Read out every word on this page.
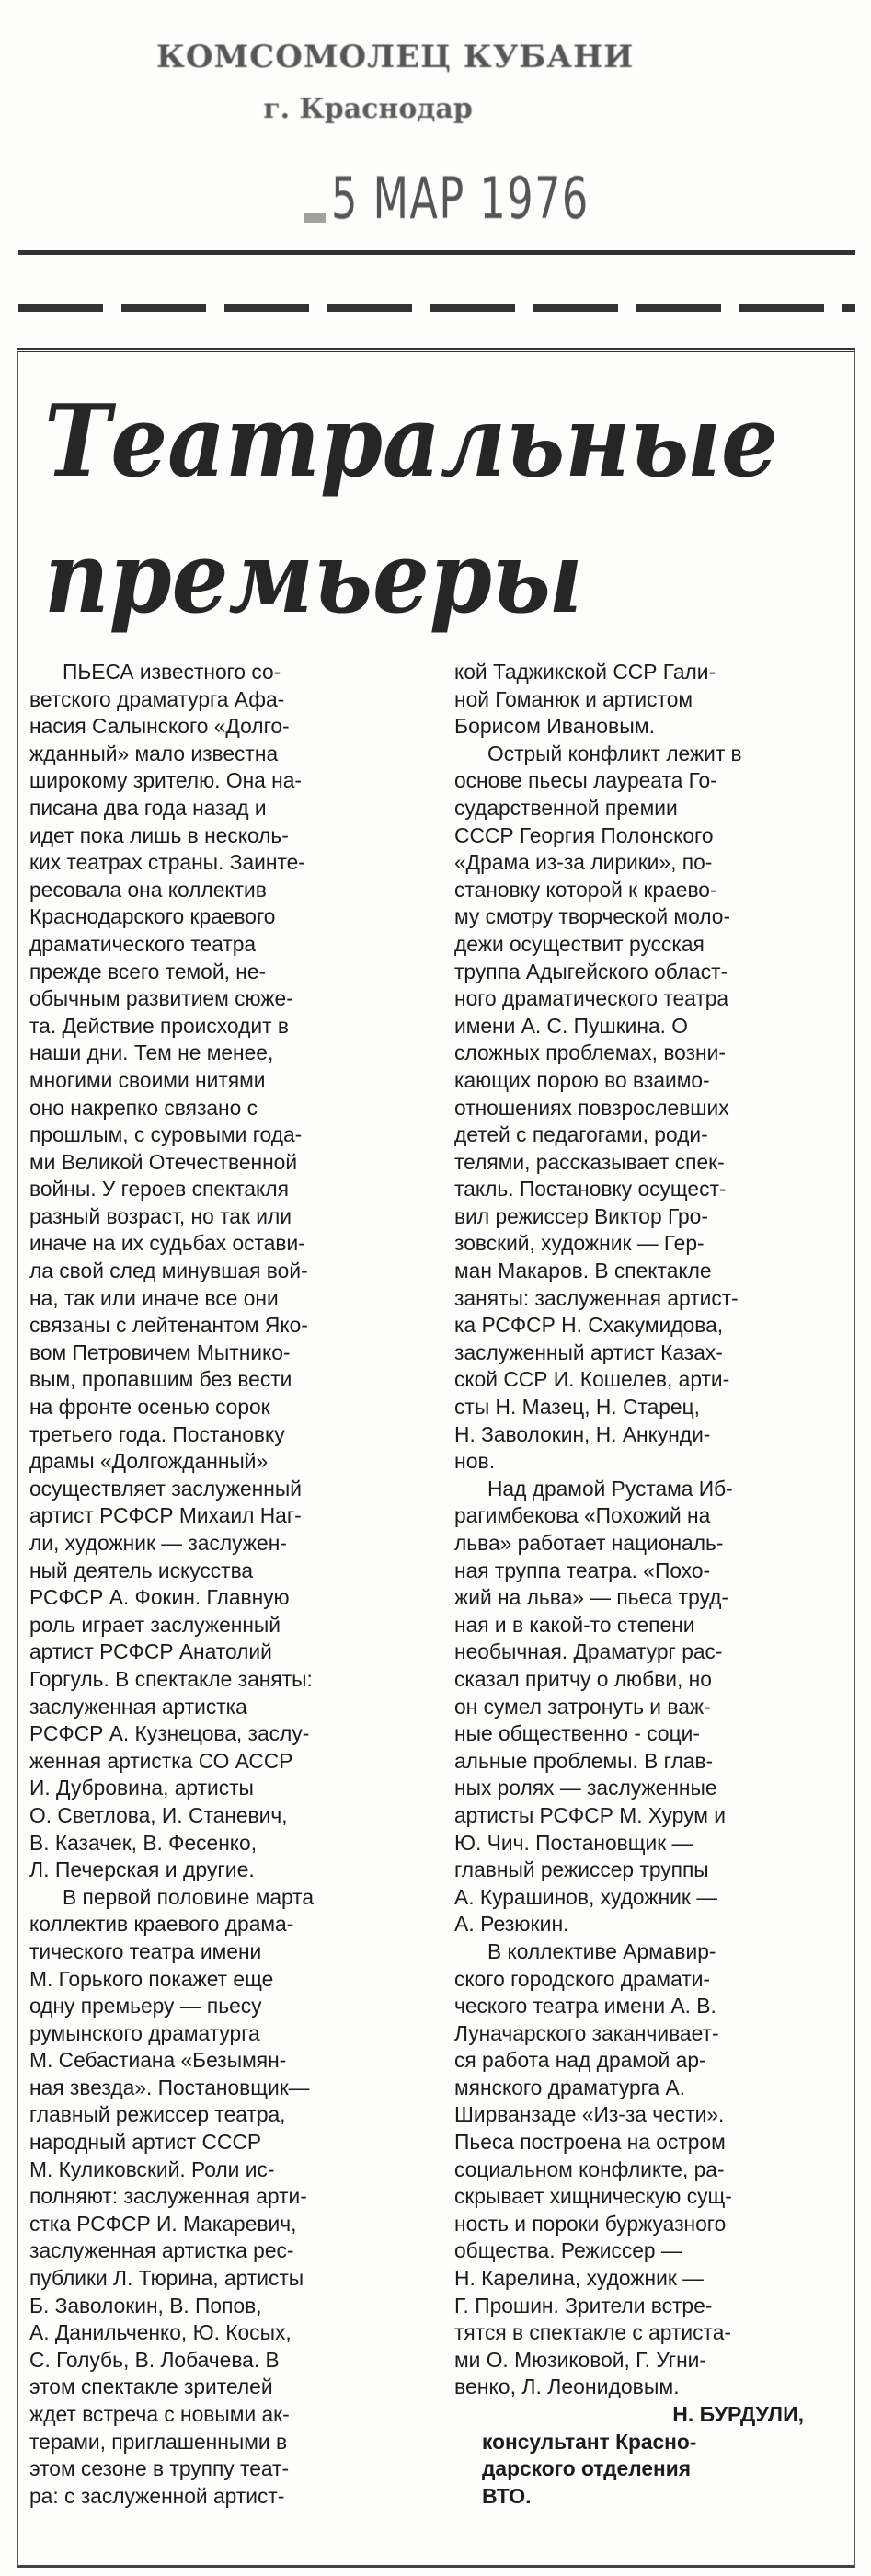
КОМСОМОЛЕЦ КУБАНИ
г. Краснодар
5 МАР 1976
Театральные
премьеры
ПЬЕСА известного со-
ветского драматурга Афа-
насия Салынского «Долго-
жданный» мало известна
широкому зрителю. Она на-
писана два года назад и
идет пока лишь в несколь-
ких театрах страны. Заинте-
ресовала она коллектив
Краснодарского краевого
драматического театра
прежде всего темой, не-
обычным развитием сюже-
та. Действие происходит в
наши дни. Тем не менее,
многими своими нитями
оно накрепко связано с
прошлым, с суровыми года-
ми Великой Отечественной
войны. У героев спектакля
разный возраст, но так или
иначе на их судьбах остави-
ла свой след минувшая вой-
на, так или иначе все они
связаны с лейтенантом Яко-
вом Петровичем Мытнико-
вым, пропавшим без вести
на фронте осенью сорок
третьего года. Постановку
драмы «Долгожданный»
осуществляет заслуженный
артист РСФСР Михаил Наг-
ли, художник — заслужен-
ный деятель искусства
РСФСР А. Фокин. Главную
роль играет заслуженный
артист РСФСР Анатолий
Горгуль. В спектакле заняты:
заслуженная артистка
РСФСР А. Кузнецова, заслу-
женная артистка СО АССР
И. Дубровина, артисты
О. Светлова, И. Станевич,
В. Казачек, В. Фесенко,
Л. Печерская и другие.
В первой половине марта
коллектив краевого драма-
тического театра имени
М. Горького покажет еще
одну премьеру — пьесу
румынского драматурга
М. Себастиана «Безымян-
ная звезда». Постановщик—
главный режиссер театра,
народный артист СССР
М. Куликовский. Роли ис-
полняют: заслуженная арти-
стка РСФСР И. Макаревич,
заслуженная артистка рес-
публики Л. Тюрина, артисты
Б. Заволокин, В. Попов,
А. Данильченко, Ю. Косых,
С. Голубь, В. Лобачева. В
этом спектакле зрителей
ждет встреча с новыми ак-
терами, приглашенными в
этом сезоне в труппу теат-
ра: с заслуженной артист-
кой Таджикской ССР Гали-
ной Гоманюк и артистом
Борисом Ивановым.
Острый конфликт лежит в
основе пьесы лауреата Го-
сударственной премии
СССР Георгия Полонского
«Драма из-за лирики», по-
становку которой к краево-
му смотру творческой моло-
дежи осуществит русская
труппа Адыгейского област-
ного драматического театра
имени А. С. Пушкина. О
сложных проблемах, возни-
кающих порою во взаимо-
отношениях повзрослевших
детей с педагогами, роди-
телями, рассказывает спек-
такль. Постановку осущест-
вил режиссер Виктор Гро-
зовский, художник — Гер-
ман Макаров. В спектакле
заняты: заслуженная артист-
ка РСФСР Н. Схакумидова,
заслуженный артист Казах-
ской ССР И. Кошелев, арти-
сты Н. Мазец, Н. Старец,
Н. Заволокин, Н. Анкунди-
нов.
Над драмой Рустама Иб-
рагимбекова «Похожий на
льва» работает националь-
ная труппа театра. «Похо-
жий на льва» — пьеса труд-
ная и в какой-то степени
необычная. Драматург рас-
сказал притчу о любви, но
он сумел затронуть и важ-
ные общественно - соци-
альные проблемы. В глав-
ных ролях — заслуженные
артисты РСФСР М. Хурум и
Ю. Чич. Постановщик —
главный режиссер труппы
А. Курашинов, художник —
А. Резюкин.
В коллективе Армавир-
ского городского драмати-
ческого театра имени А. В.
Луначарского заканчивает-
ся работа над драмой ар-
мянского драматурга А.
Ширванзаде «Из-за чести».
Пьеса построена на остром
социальном конфликте, ра-
скрывает хищническую сущ-
ность и пороки буржуазного
общества. Режиссер —
Н. Карелина, художник —
Г. Прошин. Зрители встре-
тятся в спектакле с артиста-
ми О. Мюзиковой, Г. Угни-
венко, Л. Леонидовым.
Н. БУРДУЛИ,
консультант Красно-
дарского отделения
ВТО.
